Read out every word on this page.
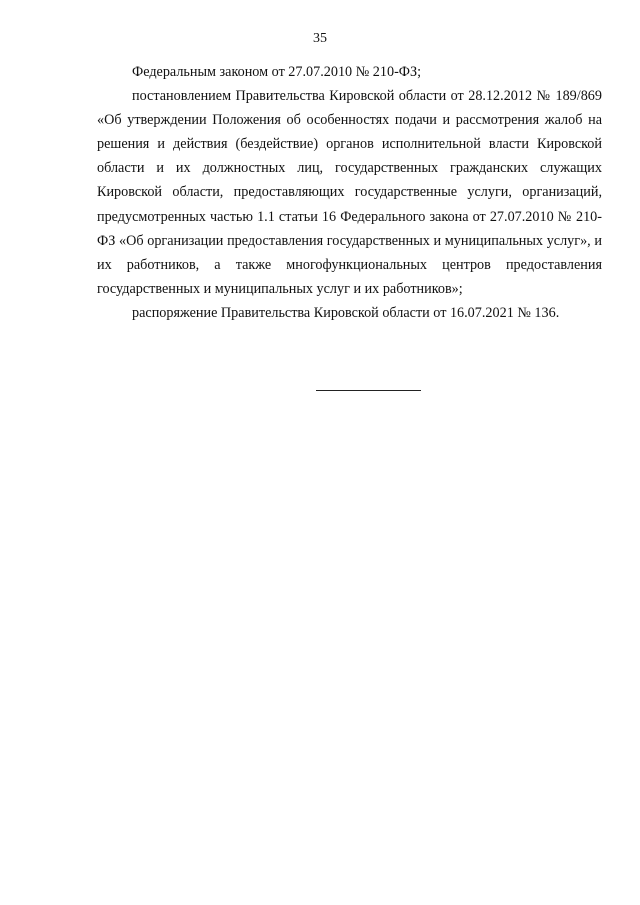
35

Федеральным законом от 27.07.2010 № 210-ФЗ;

постановлением Правительства Кировской области от 28.12.2012 № 189/869 «Об утверждении Положения об особенностях подачи и рассмотрения жалоб на решения и действия (бездействие) органов исполнительной власти Кировской области и их должностных лиц, государственных гражданских служащих Кировской области, предоставляющих государственные услуги, организаций, предусмотренных частью 1.1 статьи 16 Федерального закона от 27.07.2010 № 210-ФЗ «Об организации предоставления государственных и муниципальных услуг», и их работников, а также многофункциональных центров предоставления государственных и муниципальных услуг и их работников»;

распоряжение Правительства Кировской области от 16.07.2021 № 136.
